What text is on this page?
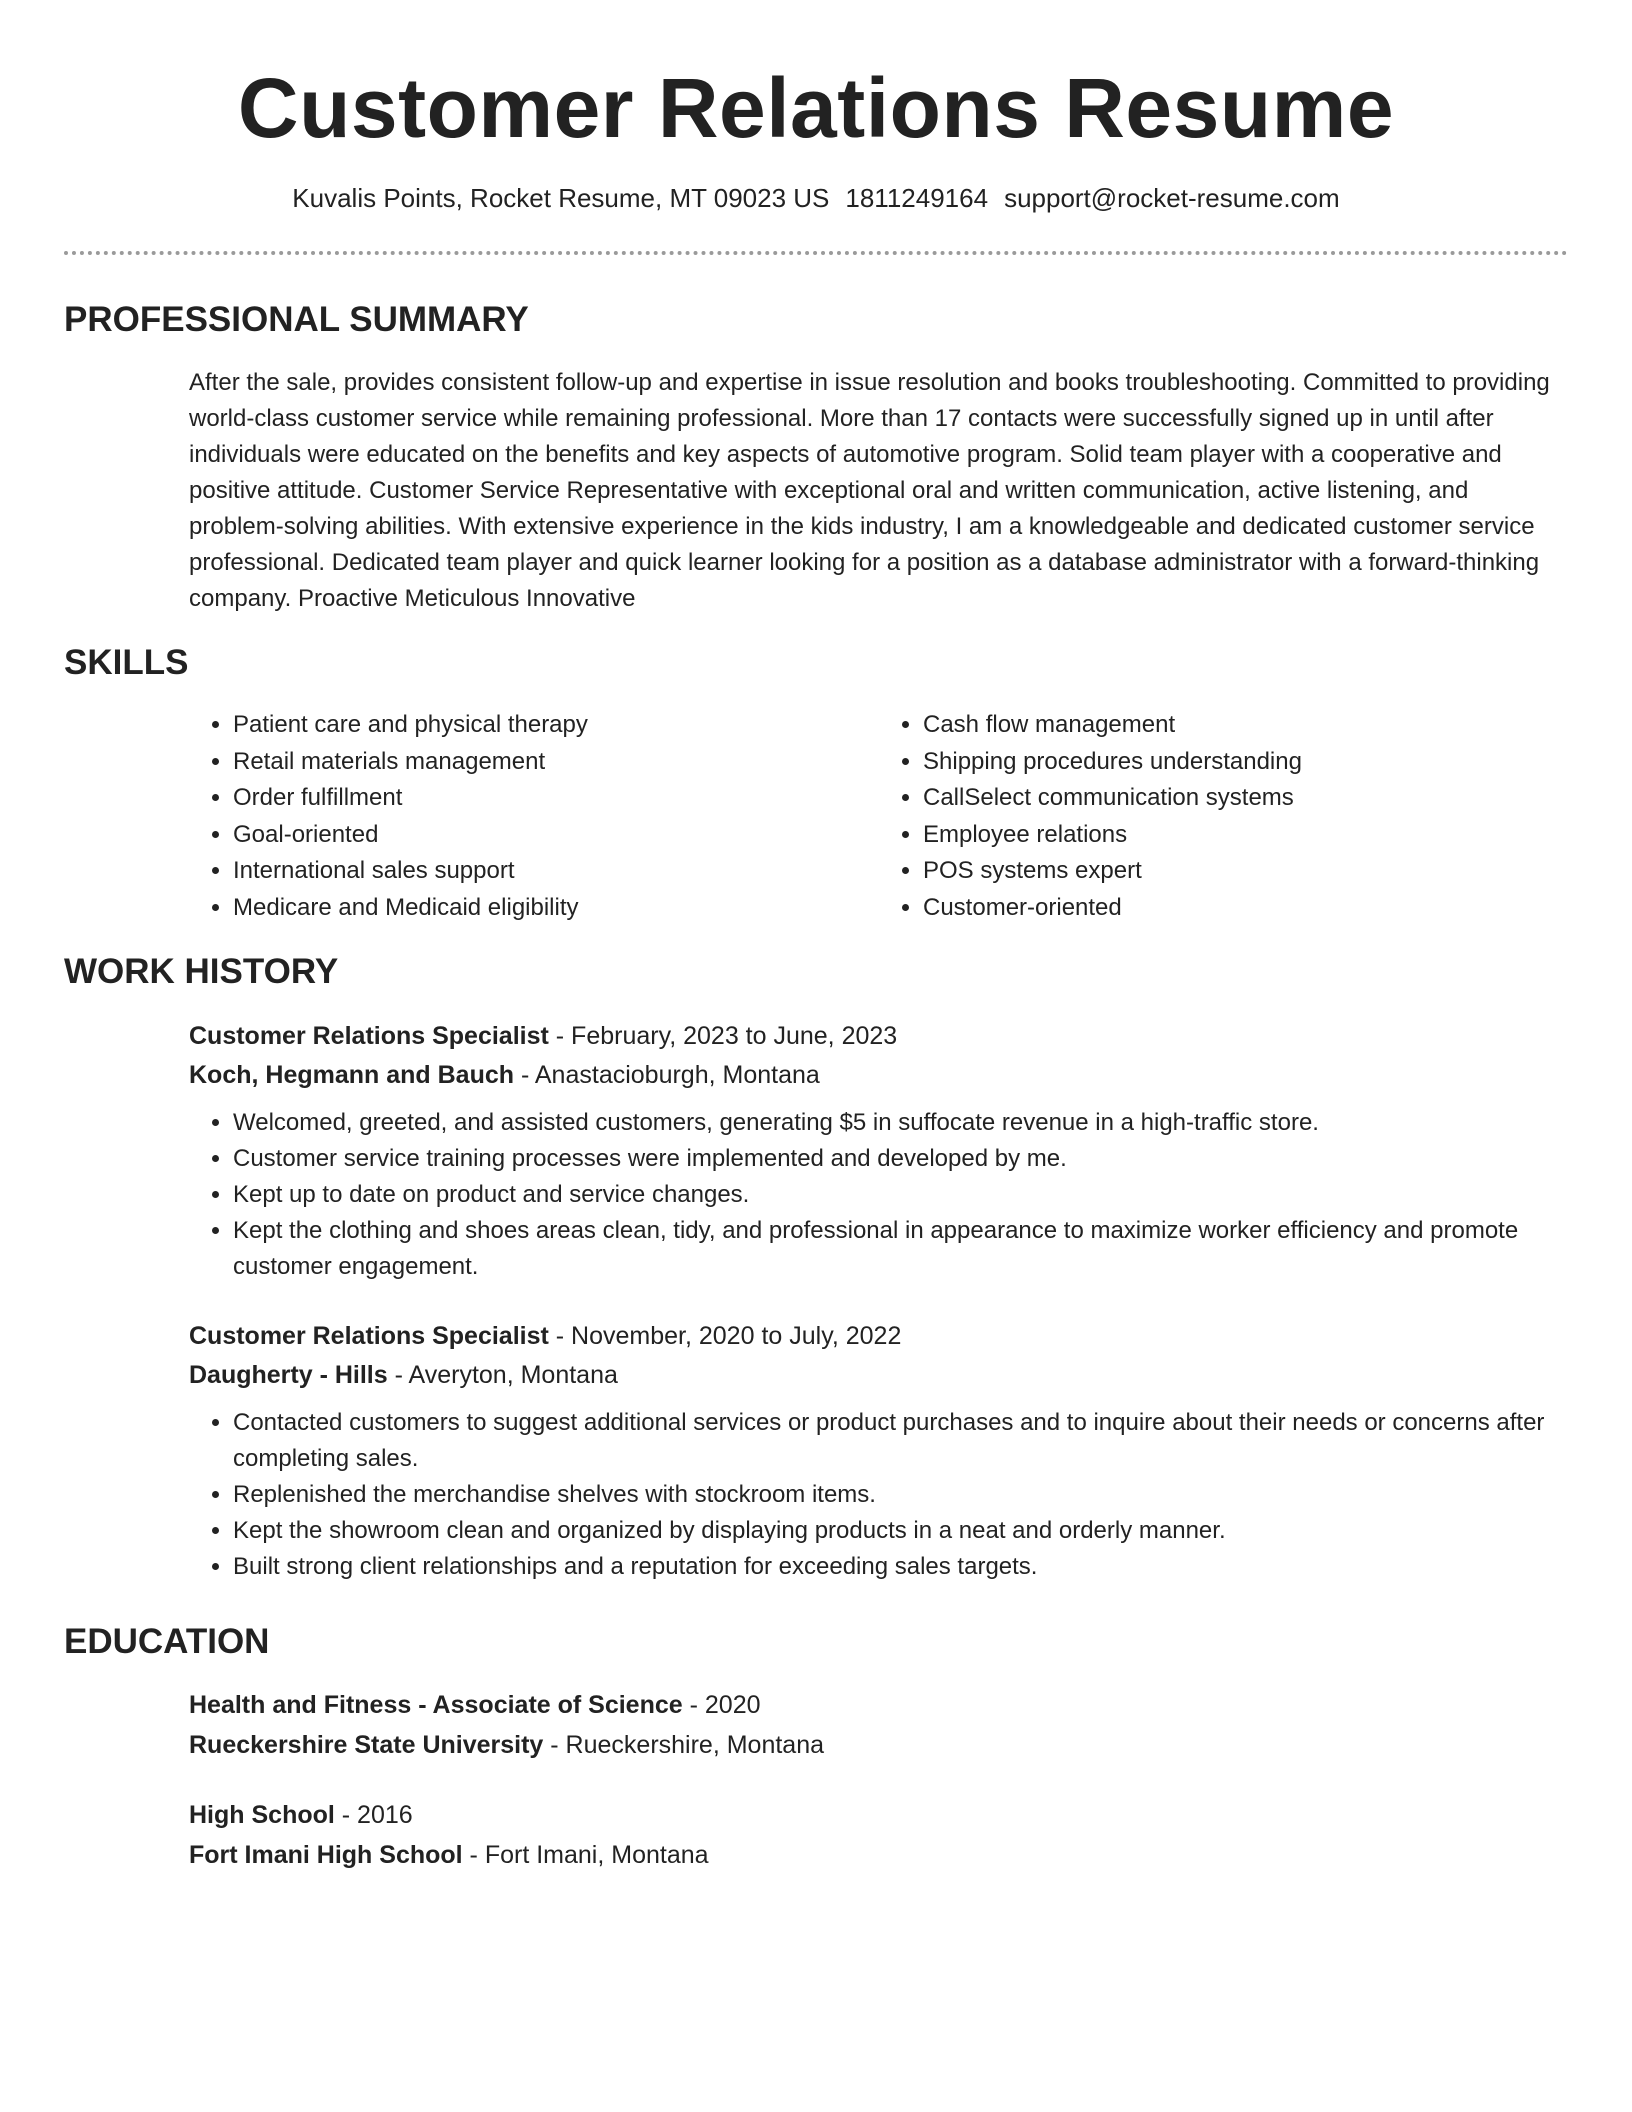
Customer Relations Resume
Kuvalis Points, Rocket Resume, MT 09023 US 1811249164 support@rocket-resume.com
PROFESSIONAL SUMMARY

After the sale, provides consistent follow-up and expertise in issue resolution and books troubleshooting. Committed to providing world-class customer service while remaining professional. More than 17 contacts were successfully signed up in until after individuals were educated on the benefits and key aspects of automotive program. Solid team player with a cooperative and positive attitude. Customer Service Representative with exceptional oral and written communication, active listening, and problem-solving abilities. With extensive experience in the kids industry, I am a knowledgeable and dedicated customer service professional. Dedicated team player and quick learner looking for a position as a database administrator with a forward-thinking company. Proactive Meticulous Innovative

SKILLS
• Patient care and physical therapy
• Retail materials management
• Order fulfillment
• Goal-oriented
• International sales support
• Medicare and Medicaid eligibility
• Cash flow management
• Shipping procedures understanding
• CallSelect communication systems
• Employee relations
• POS systems expert
• Customer-oriented
WORK HISTORY

Customer Relations Specialist - February, 2023 to June, 2023

Koch, Hegmann and Bauch - Anastacioburgh, Montana

• Welcomed, greeted, and assisted customers, generating $5 in suffocate revenue in a high-traffic store.
• Customer service training processes were implemented and developed by me.
• Kept up to date on product and service changes.
• Kept the clothing and shoes areas clean, tidy, and professional in appearance to maximize worker efficiency and promote customer engagement.

Customer Relations Specialist - November, 2020 to July, 2022

Daugherty - Hills - Averyton, Montana

• Contacted customers to suggest additional services or product purchases and to inquire about their needs or concerns after completing sales.
• Replenished the merchandise shelves with stockroom items.
• Kept the showroom clean and organized by displaying products in a neat and orderly manner.
• Built strong client relationships and a reputation for exceeding sales targets.
EDUCATION

Health and Fitness - Associate of Science - 2020

Rueckershire State University - Rueckershire, Montana

High School - 2016

Fort Imani High School - Fort Imani, Montana
